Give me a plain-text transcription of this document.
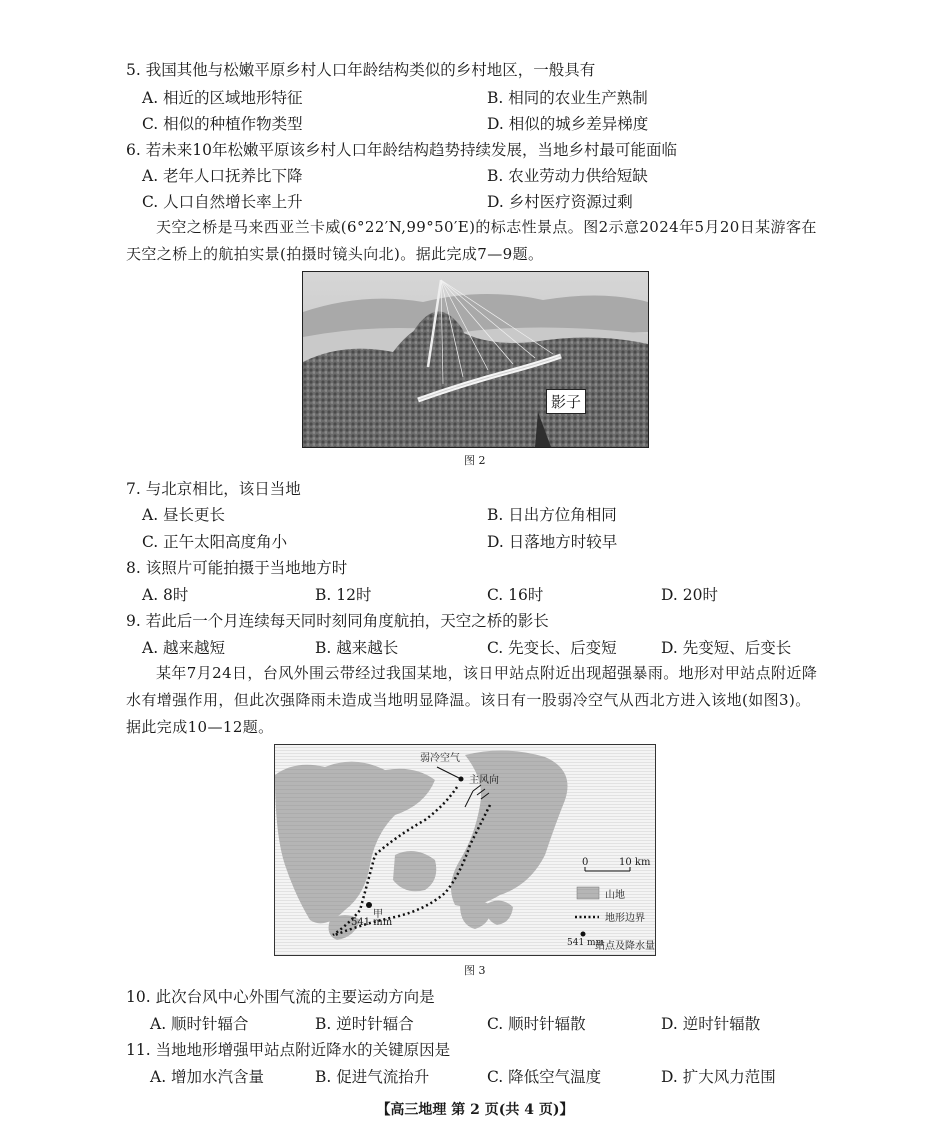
5. 我国其他与松嫩平原乡村人口年龄结构类似的乡村地区，一般具有
A. 相近的区域地形特征	B. 相同的农业生产熟制
C. 相似的种植作物类型	D. 相似的城乡差异梯度
6. 若未来10年松嫩平原该乡村人口年龄结构趋势持续发展，当地乡村最可能面临
A. 老年人口抚养比下降	B. 农业劳动力供给短缺
C. 人口自然增长率上升	D. 乡村医疗资源过剩
天空之桥是马来西亚兰卡威(6°22′N,99°50′E)的标志性景点。图2示意2024年5月20日某游客在天空之桥上的航拍实景(拍摄时镜头向北)。据此完成7—9题。
影子
图 2
7. 与北京相比，该日当地
A. 昼长更长	B. 日出方位角相同
C. 正午太阳高度角小	D. 日落地方时较早
8. 该照片可能拍摄于当地地方时
A. 8时	B. 12时	C. 16时	D. 20时
9. 若此后一个月连续每天同时刻同角度航拍，天空之桥的影长
A. 越来越短	B. 越来越长	C. 先变长、后变短	D. 先变短、后变长
某年7月24日，台风外围云带经过我国某地，该日甲站点附近出现超强暴雨。地形对甲站点附近降水有增强作用，但此次强降雨未造成当地明显降温。该日有一股弱冷空气从西北方进入该地(如图3)。据此完成10—12题。
弱冷空气
主风向
甲
541 mm
0	10 km
山地
地形边界
541 mm
站点及降水量
图 3
10. 此次台风中心外围气流的主要运动方向是
A. 顺时针辐合	B. 逆时针辐合	C. 顺时针辐散	D. 逆时针辐散
11. 当地地形增强甲站点附近降水的关键原因是
A. 增加水汽含量	B. 促进气流抬升	C. 降低空气温度	D. 扩大风力范围
【高三地理 第 2 页(共 4 页)】
